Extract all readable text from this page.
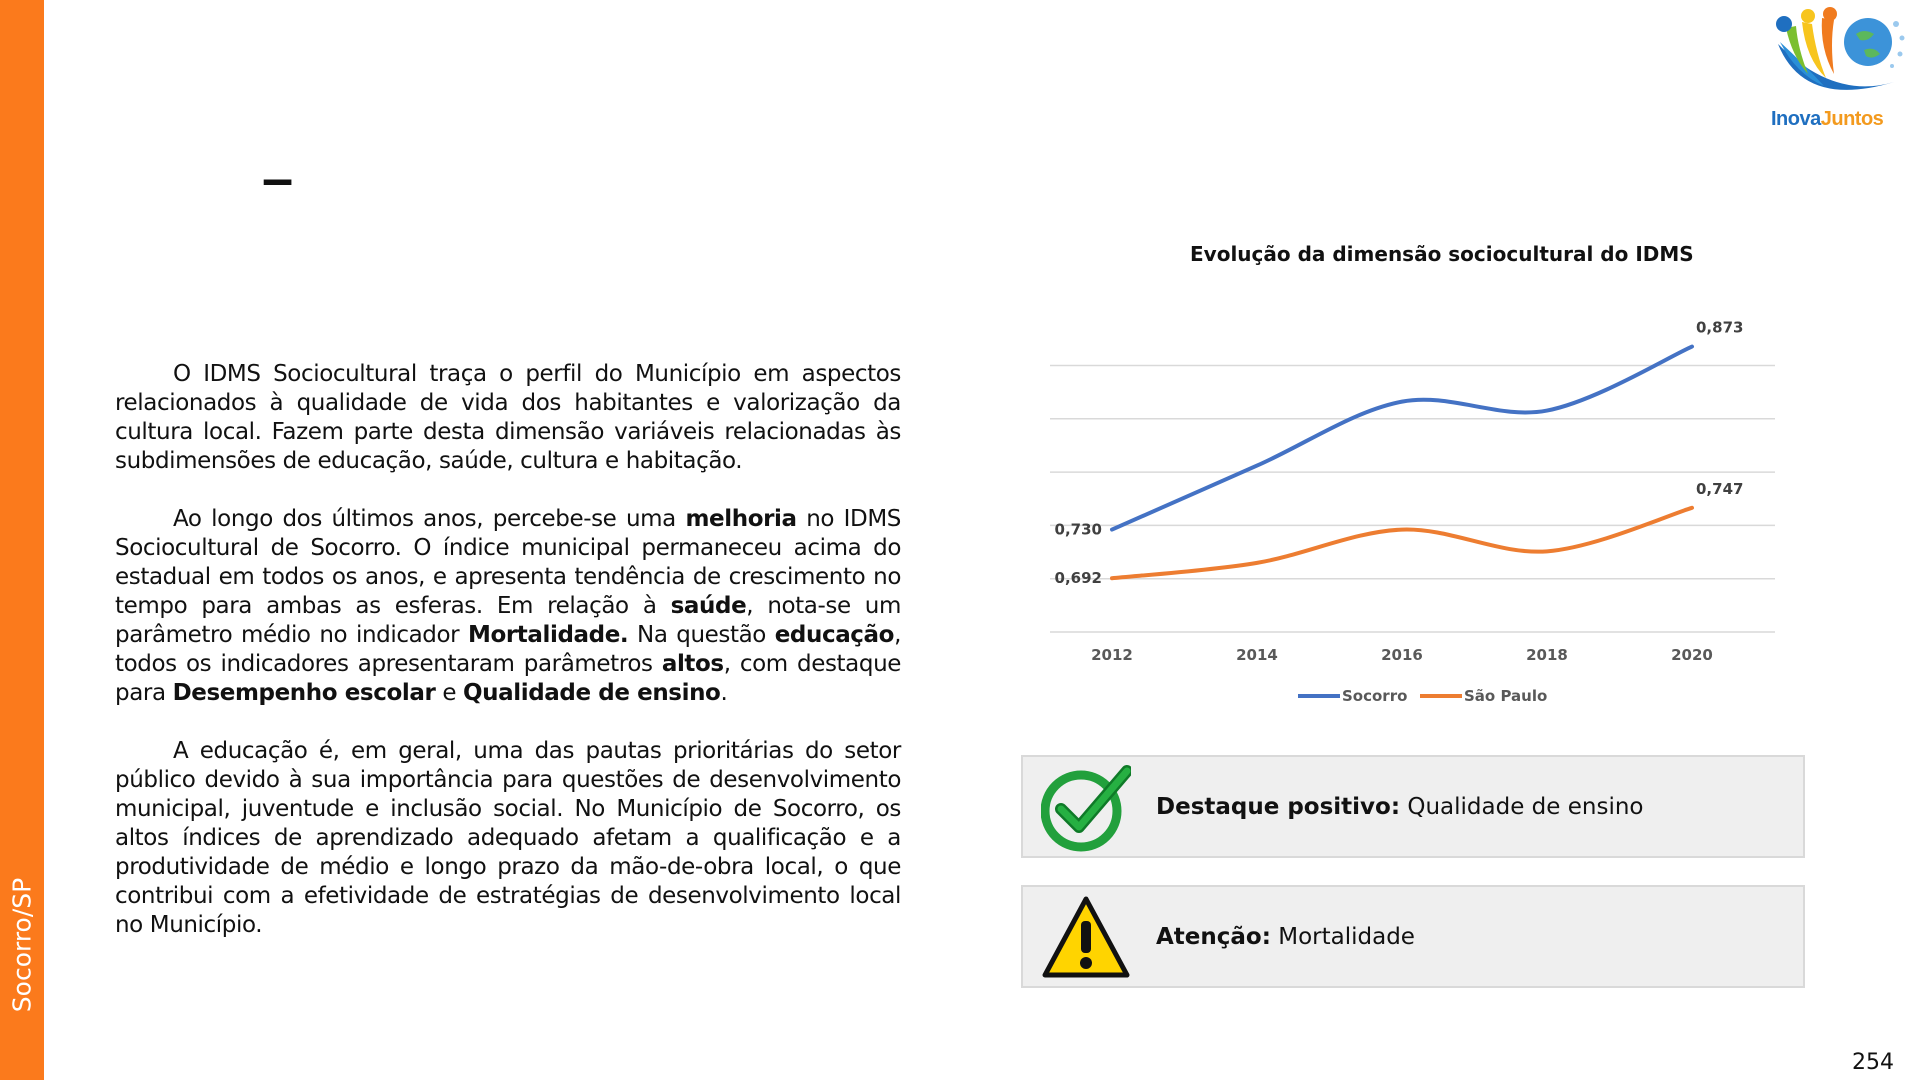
Socorro/SP
InovaJuntos
–

O IDMS Sociocultural traça o perfil do Município em aspectos relacionados à qualidade de vida dos habitantes e valorização da cultura local. Fazem parte desta dimensão variáveis relacionadas às subdimensões de educação, saúde, cultura e habitação.

Ao longo dos últimos anos, percebe-se uma melhoria no IDMS Sociocultural de Socorro. O índice municipal permaneceu acima do estadual em todos os anos, e apresenta tendência de crescimento no tempo para ambas as esferas. Em relação à saúde, nota-se um parâmetro médio no indicador Mortalidade. Na questão educação, todos os indicadores apresentaram parâmetros altos, com destaque para Desempenho escolar e Qualidade de ensino.

A educação é, em geral, uma das pautas prioritárias do setor público devido à sua importância para questões de desenvolvimento municipal, juventude e inclusão social. No Município de Socorro, os altos índices de aprendizado adequado afetam a qualificação e a produtividade de médio e longo prazo da mão-de-obra local, o que contribui com a efetividade de estratégias de desenvolvimento local no Município.

Evolução da dimensão sociocultural do IDMS
2012	2014	2016	2018	2020
0,730
0,873
0,692
0,747
Socorro	São Paulo
Destaque positivo: Qualidade de ensino
Atenção: Mortalidade
254
